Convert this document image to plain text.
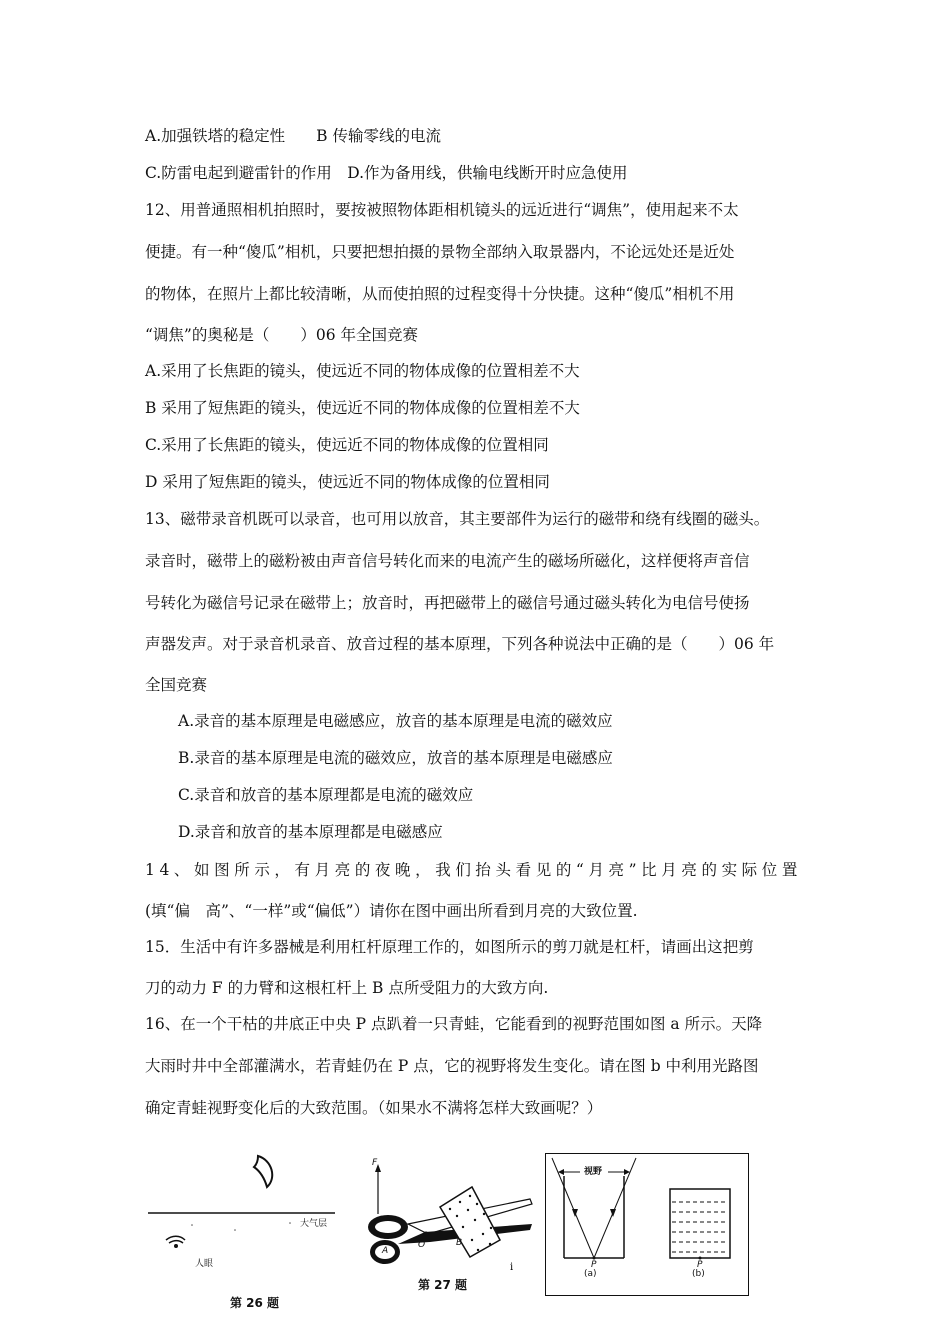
A.加强铁塔的稳定性　　B 传输零线的电流
C.防雷电起到避雷针的作用　D.作为备用线，供输电线断开时应急使用
12、用普通照相机拍照时，要按被照物体距相机镜头的远近进行“调焦”，使用起来不太
便捷。有一种“傻瓜”相机，只要把想拍摄的景物全部纳入取景器内，不论远处还是近处
的物体，在照片上都比较清晰，从而使拍照的过程变得十分快捷。这种“傻瓜”相机不用
“调焦”的奥秘是（　　）06 年全国竞赛
A.采用了长焦距的镜头，使远近不同的物体成像的位置相差不大
B 采用了短焦距的镜头，使远近不同的物体成像的位置相差不大
C.采用了长焦距的镜头，使远近不同的物体成像的位置相同
D 采用了短焦距的镜头，使远近不同的物体成像的位置相同
13、磁带录音机既可以录音，也可用以放音，其主要部件为运行的磁带和绕有线圈的磁头。
录音时，磁带上的磁粉被由声音信号转化而来的电流产生的磁场所磁化，这样便将声音信
号转化为磁信号记录在磁带上；放音时，再把磁带上的磁信号通过磁头转化为电信号使扬
声器发声。对于录音机录音、放音过程的基本原理，下列各种说法中正确的是（　　）06 年
全国竞赛
A.录音的基本原理是电磁感应，放音的基本原理是电流的磁效应
B.录音的基本原理是电流的磁效应，放音的基本原理是电磁感应
C.录音和放音的基本原理都是电流的磁效应
D.录音和放音的基本原理都是电磁感应
14、如图所示，有月亮的夜晚，我们抬头看见的“月亮”比月亮的实际位置
(填“偏　高”、“一样”或“偏低”）请你在图中画出所看到月亮的大致位置.
15．生活中有许多器械是利用杠杆原理工作的，如图所示的剪刀就是杠杆，请画出这把剪
刀的动力 F 的力臂和这根杠杆上 B 点所受阻力的大致方向.
16、在一个干枯的井底正中央 P 点趴着一只青蛙，它能看到的视野范围如图 a 所示。天降
大雨时井中全部灌满水，若青蛙仍在 P 点，它的视野将发生变化。请在图 b 中利用光路图
确定青蛙视野变化后的大致范围。（如果水不满将怎样大致画呢？）
大气层
人眼
第 26 题
ⅰ
F
A
O	B
第 27 题
视野
P
(a)
P
(b)
